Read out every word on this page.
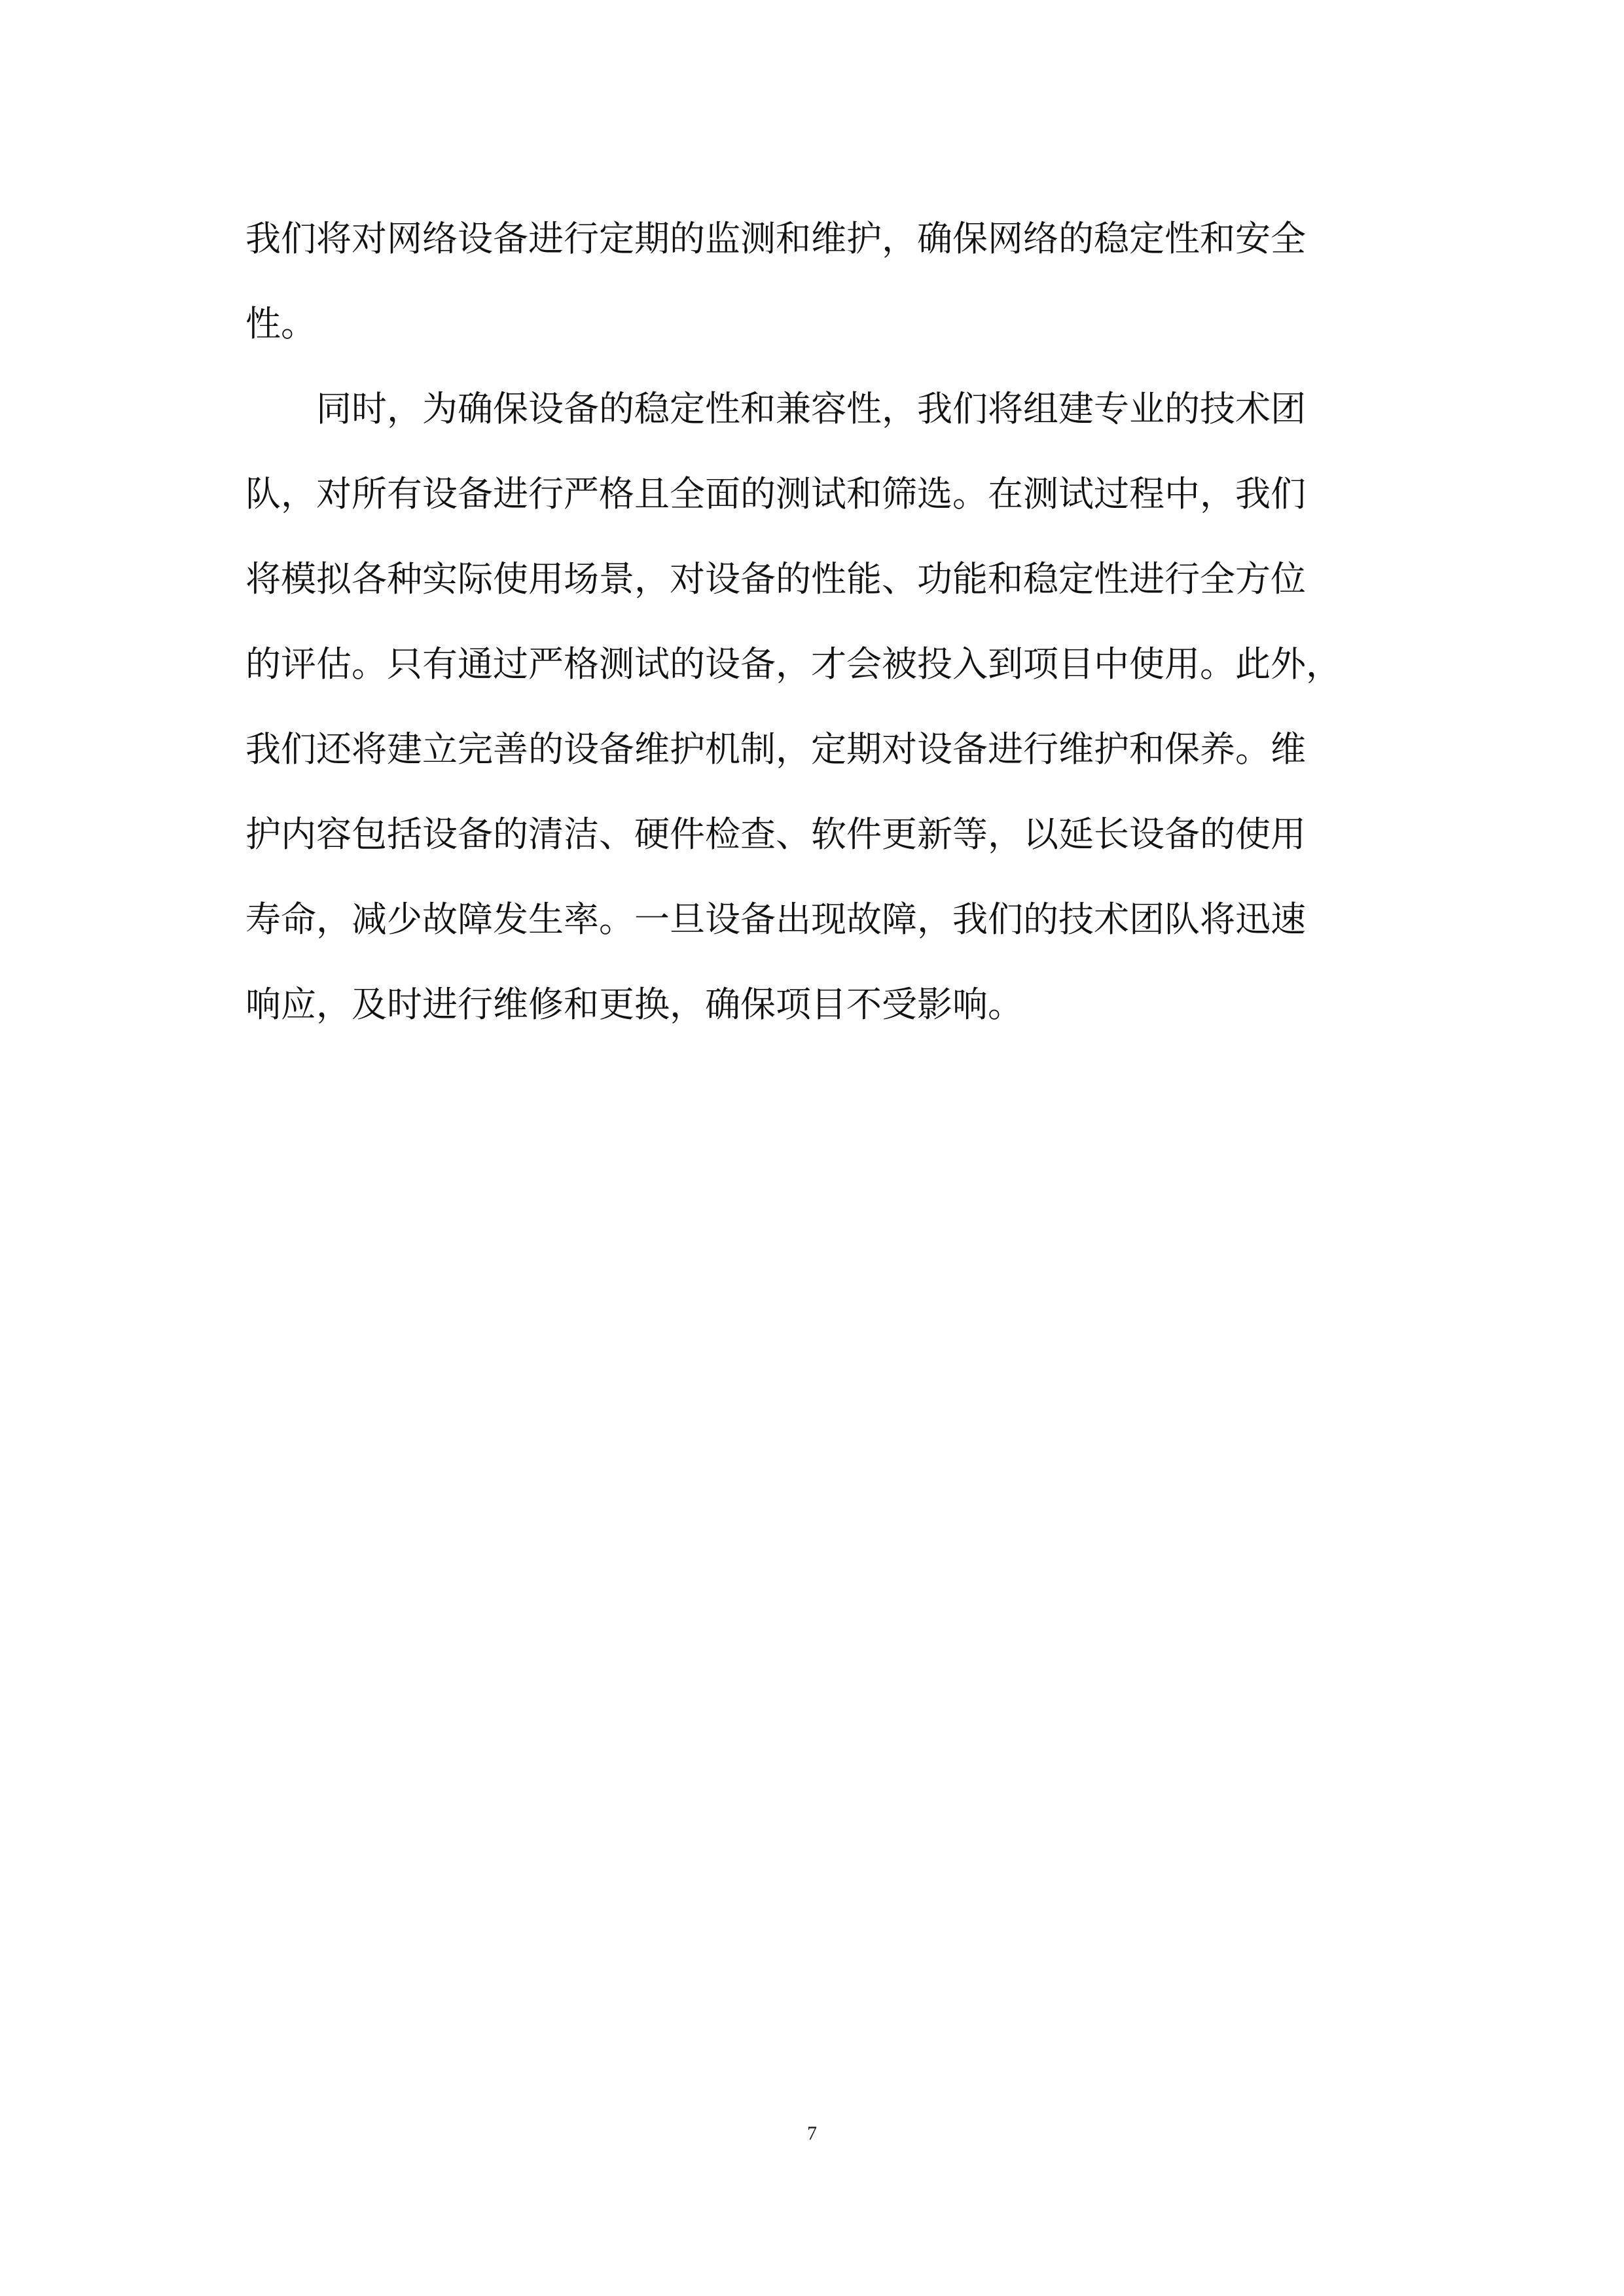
我们将对网络设备进行定期的监测和维护，确保网络的稳定性和安全
性。
　　同时，为确保设备的稳定性和兼容性，我们将组建专业的技术团
队，对所有设备进行严格且全面的测试和筛选。在测试过程中，我们
将模拟各种实际使用场景，对设备的性能、功能和稳定性进行全方位
的评估。只有通过严格测试的设备，才会被投入到项目中使用。此外，
我们还将建立完善的设备维护机制，定期对设备进行维护和保养。维
护内容包括设备的清洁、硬件检查、软件更新等，以延长设备的使用
寿命，减少故障发生率。一旦设备出现故障，我们的技术团队将迅速
响应，及时进行维修和更换，确保项目不受影响。
7
